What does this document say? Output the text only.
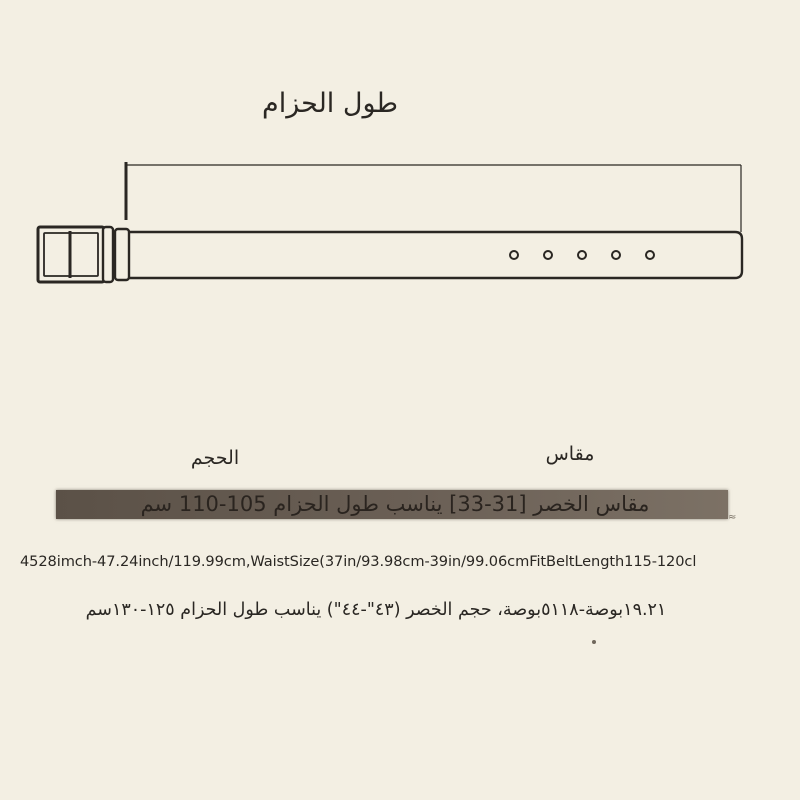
طول الحزام
الحجم	مقاس
مقاس الخصر [31-33] يناسب طول الحزام 105-110 سم
≈
4528imch-47.24inch/119.99cm,WaistSize(37in/93.98cm-39in/99.06cmFitBeltLength115-120cl
١٩.٢١بوصة-٥١١٨بوصة، حجم الخصر (٤٣"-٤٤") يناسب طول الحزام ١٢٥-١٣٠سم
